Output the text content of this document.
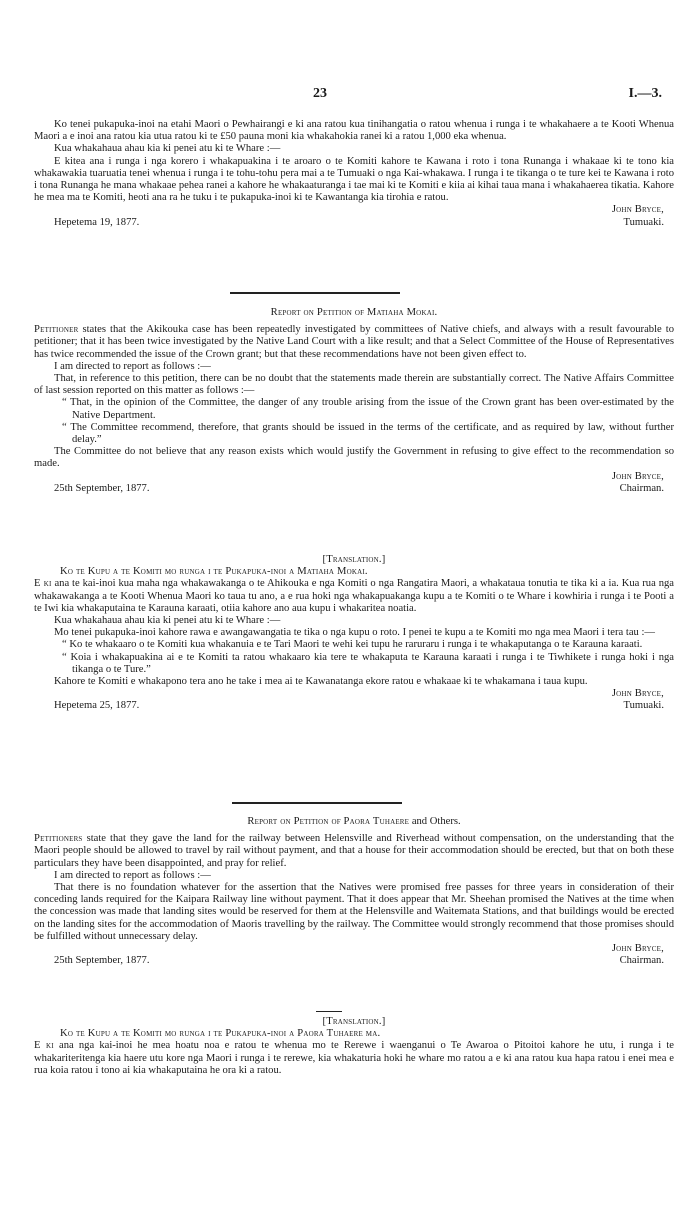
23	I.—3.

Ko tenei pukapuka-inoi na etahi Maori o Pewhairangi e ki ana ratou kua tinihangatia o ratou whenua i runga i te whakahaere a te Kooti Whenua Maori a e inoi ana ratou kia utua ratou ki te £50 pauna moni kia whakahokia ranei ki a ratou 1,000 eka whenua.

Kua whakahaua ahau kia ki penei atu ki te Whare :—

E kitea ana i runga i nga korero i whakapuakina i te aroaro o te Komiti kahore te Kawana i roto i tona Runanga i whakaae ki te tono kia whakawakia tuaruatia tenei whenua i runga i te tohu-tohu pera mai a te Tumuaki o nga Kai-whakawa. I runga i te tikanga o te ture kei te Kawana i roto i tona Runanga he mana whakaae pehea ranei a kahore he whakaaturanga i tae mai ki te Komiti e kiia ai kihai taua mana i whakahaerea tikatia. Kahore he mea ma te Komiti, heoti ana ra he tuku i te pukapuka-inoi ki te Kawantanga kia tirohia e ratou.

John Bryce,

Hepetema 19, 1877.	Tumuaki.

Report on Petition of Matiaha Mokai.

Petitioner states that the Akikouka case has been repeatedly investigated by committees of Native chiefs, and always with a result favourable to petitioner; that it has been twice investigated by the Native Land Court with a like result; and that a Select Committee of the House of Representatives has twice recommended the issue of the Crown grant; but that these recommendations have not been given effect to.

I am directed to report as follows :—

That, in reference to this petition, there can be no doubt that the statements made therein are substantially correct. The Native Affairs Committee of last session reported on this matter as follows :—

“ That, in the opinion of the Committee, the danger of any trouble arising from the issue of the Crown grant has been over-estimated by the Native Department.

“ The Committee recommend, therefore, that grants should be issued in the terms of the certificate, and as required by law, without further delay.”

The Committee do not believe that any reason exists which would justify the Government in refusing to give effect to the recommendation so made.

John Bryce,

25th September, 1877.	Chairman.

[Translation.]

Ko te Kupu a te Komiti mo runga i te Pukapuka-inoi a Matiaha Mokai.

E ki ana te kai-inoi kua maha nga whakawakanga o te Ahikouka e nga Komiti o nga Rangatira Maori, a whakataua tonutia te tika ki a ia. Kua rua nga whakawakanga a te Kooti Whenua Maori ko taua tu ano, a e rua hoki nga whakapuakanga kupu a te Komiti o te Whare i kowhiria i runga i te Pooti a te Iwi kia whakaputaina te Karauna karaati, otiia kahore ano aua kupu i whakaritea noatia.

Kua whakahaua ahau kia ki penei atu ki te Whare :—

Mo tenei pukapuka-inoi kahore rawa e awangawangatia te tika o nga kupu o roto. I penei te kupu a te Komiti mo nga mea Maori i tera tau :—

“ Ko te whakaaro o te Komiti kua whakanuia e te Tari Maori te wehi kei tupu he raruraru i runga i te whakaputanga o te Karauna karaati.

“ Koia i whakapuakina ai e te Komiti ta ratou whakaaro kia tere te whakaputa te Karauna karaati i runga i te Tiwhikete i runga hoki i nga tikanga o te Ture.”

Kahore te Komiti e whakapono tera ano he take i mea ai te Kawanatanga ekore ratou e whakaae ki te whakamana i taua kupu.

John Bryce,

Hepetema 25, 1877.	Tumuaki.

Report on Petition of Paora Tuhaere and Others.

Petitioners state that they gave the land for the railway between Helensville and Riverhead without compensation, on the understanding that the Maori people should be allowed to travel by rail without payment, and that a house for their accommodation should be erected, but that on both these particulars they have been disappointed, and pray for relief.

I am directed to report as follows :—

That there is no foundation whatever for the assertion that the Natives were promised free passes for three years in consideration of their conceding lands required for the Kaipara Railway line without payment. That it does appear that Mr. Sheehan promised the Natives at the time when the concession was made that landing sites would be reserved for them at the Helensville and Waitemata Stations, and that buildings would be erected on the landing sites for the accommodation of Maoris travelling by the railway. The Committee would strongly recommend that those promises should be fulfilled without unnecessary delay.

John Bryce,

25th September, 1877.	Chairman.

[Translation.]

Ko te Kupu a te Komiti mo runga i te Pukapuka-inoi a Paora Tuhaere ma.

E ki ana nga kai-inoi he mea hoatu noa e ratou te whenua mo te Rerewe i waenganui o Te Awaroa o Pitoitoi kahore he utu, i runga i te whakariteritenga kia haere utu kore nga Maori i runga i te rerewe, kia whakaturia hoki he whare mo ratou a e ki ana ratou kua hapa ratou i enei mea e rua koia ratou i tono ai kia whakaputaina he ora ki a ratou.
